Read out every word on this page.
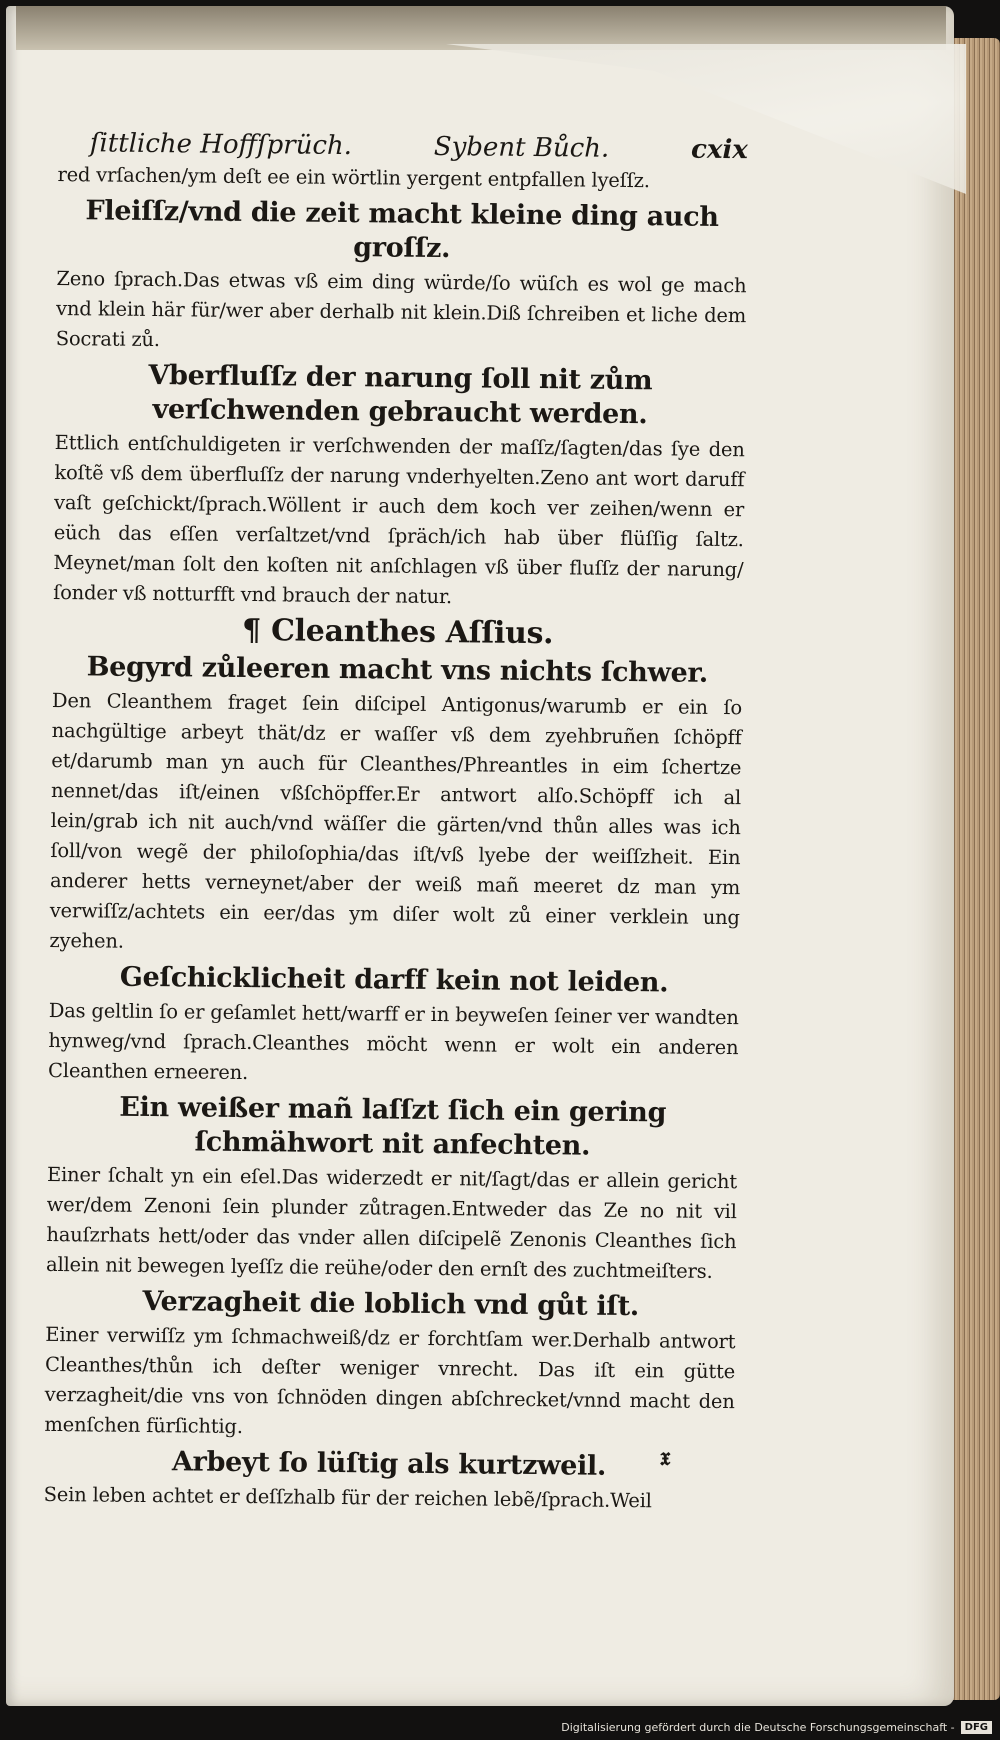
ſittliche Hoffſprüch.	Sybent Bůch.	cxix

red vrſachen/ym deſt ee ein wörtlin yergent entpfallen lyeſſz.

Fleiſſz/vnd die zeit macht kleine ding auch groſſz.

Zeno ſprach.Das etwas vß eim ding würde/ſo wüſch es wol ge mach vnd klein här für/wer aber derhalb nit klein.Diß ſchreiben et liche dem Socrati zů.

Vberfluſſz der narung ſoll nit zům verſchwenden gebraucht werden.

Ettlich entſchuldigeten ir verſchwenden der maſſz/ſagten/das ſye den koſtẽ vß dem überfluſſz der narung vnderhyelten.Zeno ant wort daruff vaſt geſchickt/ſprach.Wöllent ir auch dem koch ver zeihen/wenn er eüch das eſſen verſaltzet/vnd ſpräch/ich hab über flüſſig ſaltz. Meynet/man ſolt den koſten nit anſchlagen vß über fluſſz der narung/ſonder vß notturfft vnd brauch der natur.

¶ Cleanthes Aſſius.
Begyrd zůleeren macht vns nichts ſchwer.

Den Cleanthem fraget ſein diſcipel Antigonus/warumb er ein ſo nachgültige arbeyt thät/dz er waſſer vß dem zyehbruñen ſchöpff et/darumb man yn auch für Cleanthes/Phreantles in eim ſchertze nennet/das iſt/einen vßſchöpffer.Er antwort alſo.Schöpff ich al lein/grab ich nit auch/vnd wäſſer die gärten/vnd thůn alles was ich ſoll/von wegẽ der philoſophia/das iſt/vß lyebe der weiſſzheit. Ein anderer hetts verneynet/aber der weiß mañ meeret dz man ym verwiſſz/achtets ein eer/das ym diſer wolt zů einer verklein ung zyehen.

Geſchicklicheit darff kein not leiden.

Das geltlin ſo er geſamlet hett/warff er in beyweſen ſeiner ver wandten hynweg/vnd ſprach.Cleanthes möcht wenn er wolt ein anderen Cleanthen erneeren.

Ein weißer mañ laſſzt ſich ein gering ſchmähwort nit anfechten.

Einer ſchalt yn ein eſel.Das widerzedt er nit/ſagt/das er allein gericht wer/dem Zenoni ſein plunder zůtragen.Entweder das Ze no nit vil hauſzrhats hett/oder das vnder allen diſcipelẽ Zenonis Cleanthes ſich allein nit bewegen lyeſſz die reühe/oder den ernſt des zuchtmeiſters.

Verzagheit die loblich vnd gůt iſt.

Einer verwiſſz ym ſchmachweiß/dz er forchtſam wer.Derhalb antwort Cleanthes/thůn ich deſter weniger vnrecht. Das iſt ein gütte verzagheit/die vns von ſchnöden dingen abſchrecket/vnnd macht den menſchen fürſichtig.

Arbeyt ſo lüſtig als kurtzweil.

Sein leben achtet er deſſzhalb für der reichen lebẽ/ſprach.Weil

𝔵
Digitalisierung gefördert durch die Deutsche Forschungsgemeinschaft -	DFG
